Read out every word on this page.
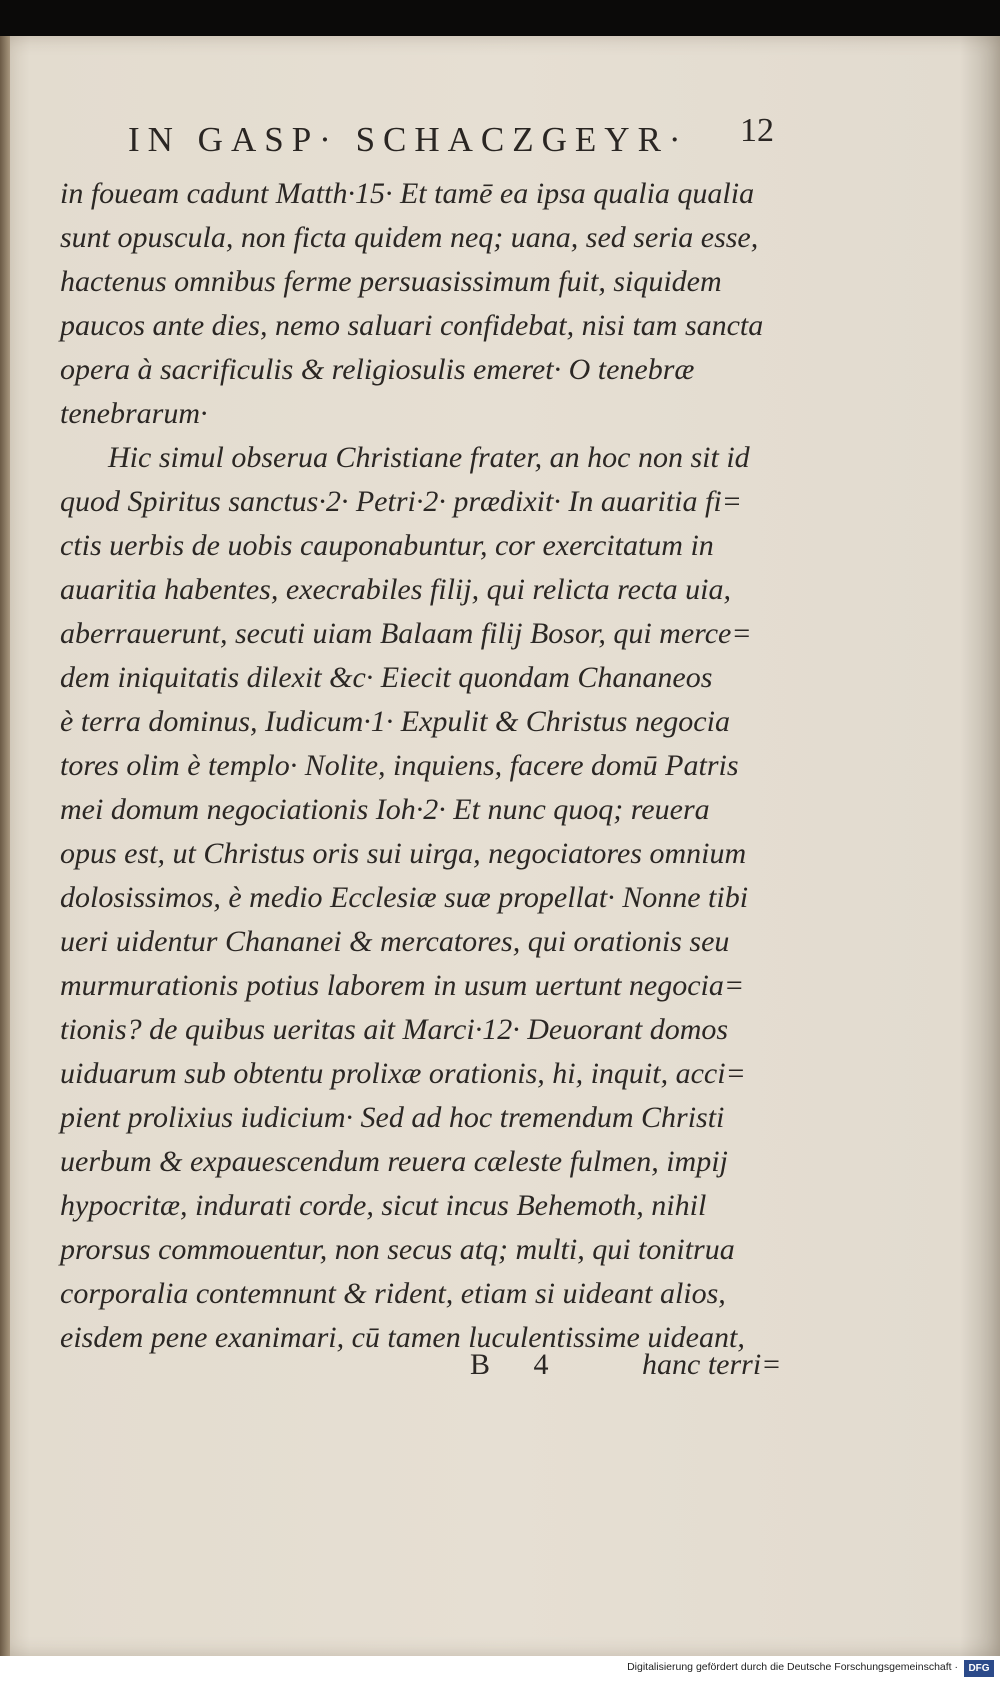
IN GASP· SCHACZGEYR·	12
in foueam cadunt Matth·15· Et tamē ea ipsa qualia qualia
sunt opuscula, non ficta quidem neq; uana, sed seria esse,
hactenus omnibus ferme persuasissimum fuit, siquidem
paucos ante dies, nemo saluari confidebat, nisi tam sancta
opera à sacrificulis & religiosulis emeret· O tenebræ
tenebrarum·
Hic simul obserua Christiane frater, an hoc non sit id
quod Spiritus sanctus·2· Petri·2· prædixit· In auaritia fi=
ctis uerbis de uobis cauponabuntur, cor exercitatum in
auaritia habentes, execrabiles filij, qui relicta recta uia,
aberrauerunt, secuti uiam Balaam filij Bosor, qui merce=
dem iniquitatis dilexit &c· Eiecit quondam Chananeos
è terra dominus, Iudicum·1· Expulit & Christus negocia
tores olim è templo· Nolite, inquiens, facere domū Patris
mei domum negociationis Ioh·2· Et nunc quoq; reuera
opus est, ut Christus oris sui uirga, negociatores omnium
dolosissimos, è medio Ecclesiæ suæ propellat· Nonne tibi
ueri uidentur Chananei & mercatores, qui orationis seu
murmurationis potius laborem in usum uertunt negocia=
tionis? de quibus ueritas ait Marci·12· Deuorant domos
uiduarum sub obtentu prolixæ orationis, hi, inquit, acci=
pient prolixius iudicium· Sed ad hoc tremendum Christi
uerbum & expauescendum reuera cæleste fulmen, impij
hypocritæ, indurati corde, sicut incus Behemoth, nihil
prorsus commouentur, non secus atq; multi, qui tonitrua
corporalia contemnunt & rident, etiam si uideant alios,
eisdem pene exanimari, cū tamen luculentissime uideant,
B 4	hanc terri=
Digitalisierung gefördert durch die Deutsche Forschungsgemeinschaft ·	DFG
